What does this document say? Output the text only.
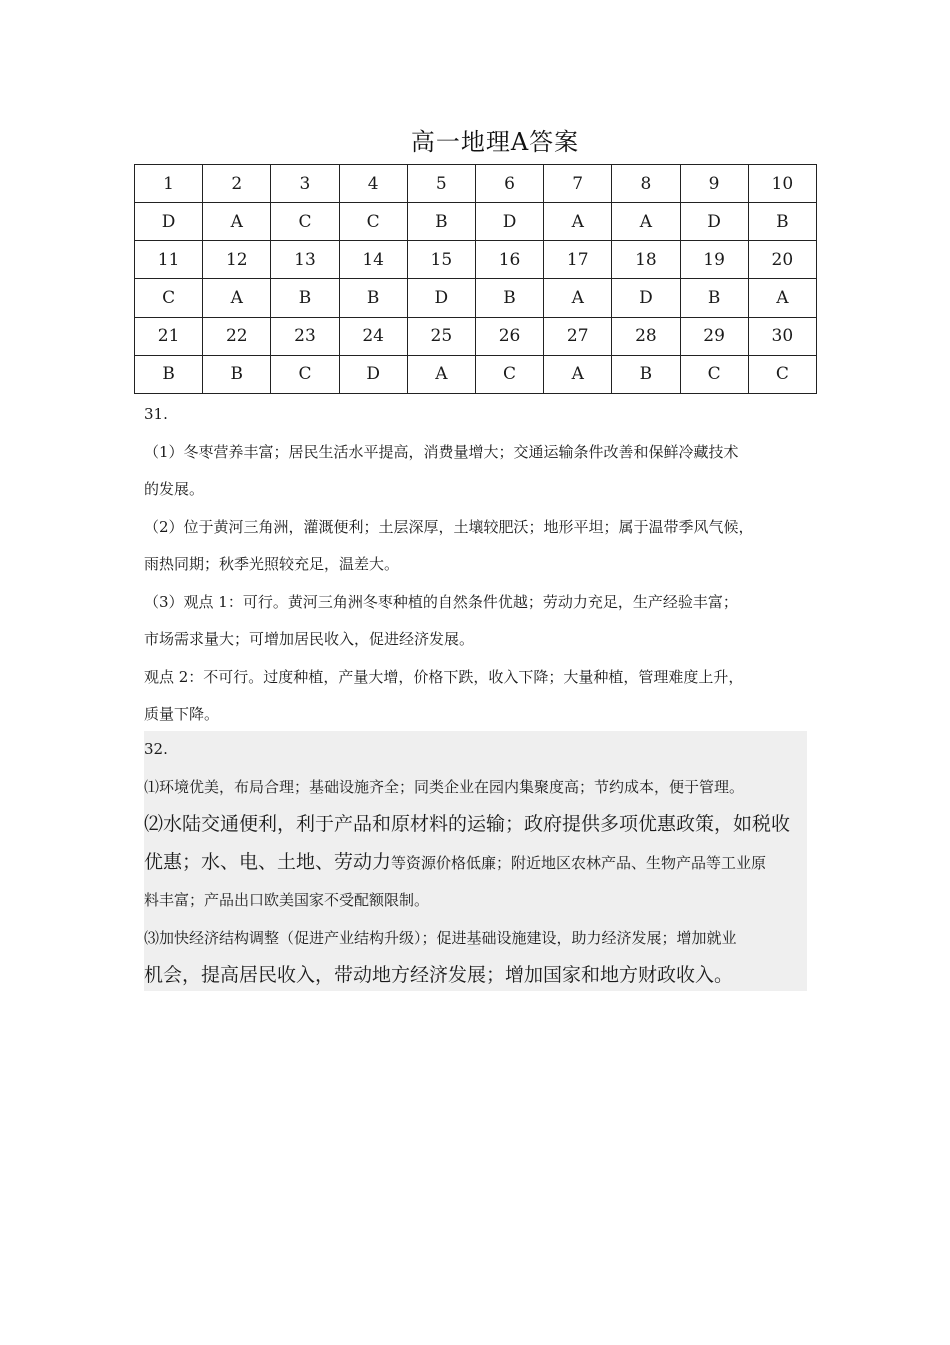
高一地理A答案
1	2	3	4	5	6	7	8	9	10
D	A	C	C	B	D	A	A	D	B
11	12	13	14	15	16	17	18	19	20
C	A	B	B	D	B	A	D	B	A
21	22	23	24	25	26	27	28	29	30
B	B	C	D	A	C	A	B	C	C

31.

（1）冬枣营养丰富；居民生活水平提高，消费量增大；交通运输条件改善和保鲜冷藏技术

的发展。

（2）位于黄河三角洲，灌溉便利；土层深厚，土壤较肥沃；地形平坦；属于温带季风气候，

雨热同期；秋季光照较充足，温差大。

（3）观点 1：可行。黄河三角洲冬枣种植的自然条件优越；劳动力充足，生产经验丰富；

市场需求量大；可增加居民收入，促进经济发展。

观点 2：不可行。过度种植，产量大增，价格下跌，收入下降；大量种植，管理难度上升，

质量下降。

32.

⑴环境优美，布局合理；基础设施齐全；同类企业在园内集聚度高；节约成本，便于管理。

⑵水陆交通便利，利于产品和原材料的运输；政府提供多项优惠政策，如税收

优惠；水、电、土地、劳动力等资源价格低廉；附近地区农林产品、生物产品等工业原

料丰富；产品出口欧美国家不受配额限制。

⑶加快经济结构调整（促进产业结构升级）；促进基础设施建设，助力经济发展；增加就业

机会，提高居民收入，带动地方经济发展；增加国家和地方财政收入。
